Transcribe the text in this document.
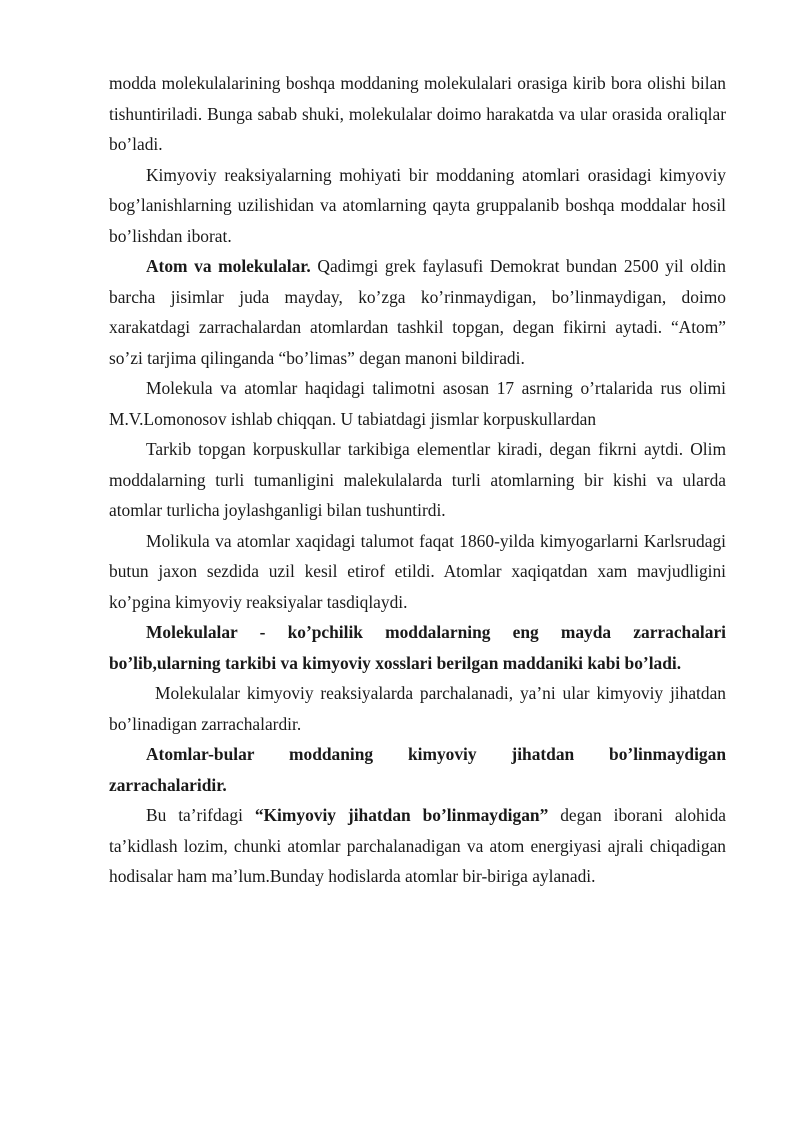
modda molekulalarining boshqa moddaning molekulalari orasiga kirib bora olishi bilan tishuntiriladi. Bunga sabab shuki, molekulalar doimo harakatda va ular orasida oraliqlar bo’ladi.

Kimyoviy reaksiyalarning mohiyati bir moddaning atomlari orasidagi kimyoviy bog’lanishlarning uzilishidan va atomlarning qayta gruppalanib boshqa moddalar hosil bo’lishdan iborat.

Atom va molekulalar. Qadimgi grek faylasufi Demokrat bundan 2500 yil oldin barcha jisimlar juda mayday, ko’zga ko’rinmaydigan, bo’linmaydigan, doimo xarakatdagi zarrachalardan atomlardan tashkil topgan, degan fikirni aytadi. “Atom” so’zi tarjima qilinganda “bo’limas” degan manoni bildiradi.

Molekula va atomlar haqidagi talimotni asosan 17 asrning o’rtalarida rus olimi M.V.Lomonosov ishlab chiqqan. U tabiatdagi jismlar korpuskullardan

Tarkib topgan korpuskullar tarkibiga elementlar kiradi, degan fikrni aytdi. Olim moddalarning turli tumanligini malekulalarda turli atomlarning bir kishi va ularda atomlar turlicha joylashganligi bilan tushuntirdi.

Molikula va atomlar xaqidagi talumot faqat 1860-yilda kimyogarlarni Karlsrudagi butun jaxon sezdida uzil kesil etirof etildi. Atomlar xaqiqatdan xam mavjudligini ko’pgina kimyoviy reaksiyalar tasdiqlaydi.

Molekulalar - ko’pchilik moddalarning eng mayda zarrachalari bo’lib,ularning tarkibi va kimyoviy xosslari berilgan maddaniki kabi bo’ladi.

Molekulalar kimyoviy reaksiyalarda parchalanadi, ya’ni ular kimyoviy jihatdan bo’linadigan zarrachalardir.

Atomlar-bular moddaning kimyoviy jihatdan bo’linmaydigan zarrachalaridir.

Bu ta’rifdagi “Kimyoviy jihatdan bo’linmaydigan” degan iborani alohida ta’kidlash lozim, chunki atomlar parchalanadigan va atom energiyasi ajrali chiqadigan hodisalar ham ma’lum.Bunday hodislarda atomlar bir-biriga aylanadi.
